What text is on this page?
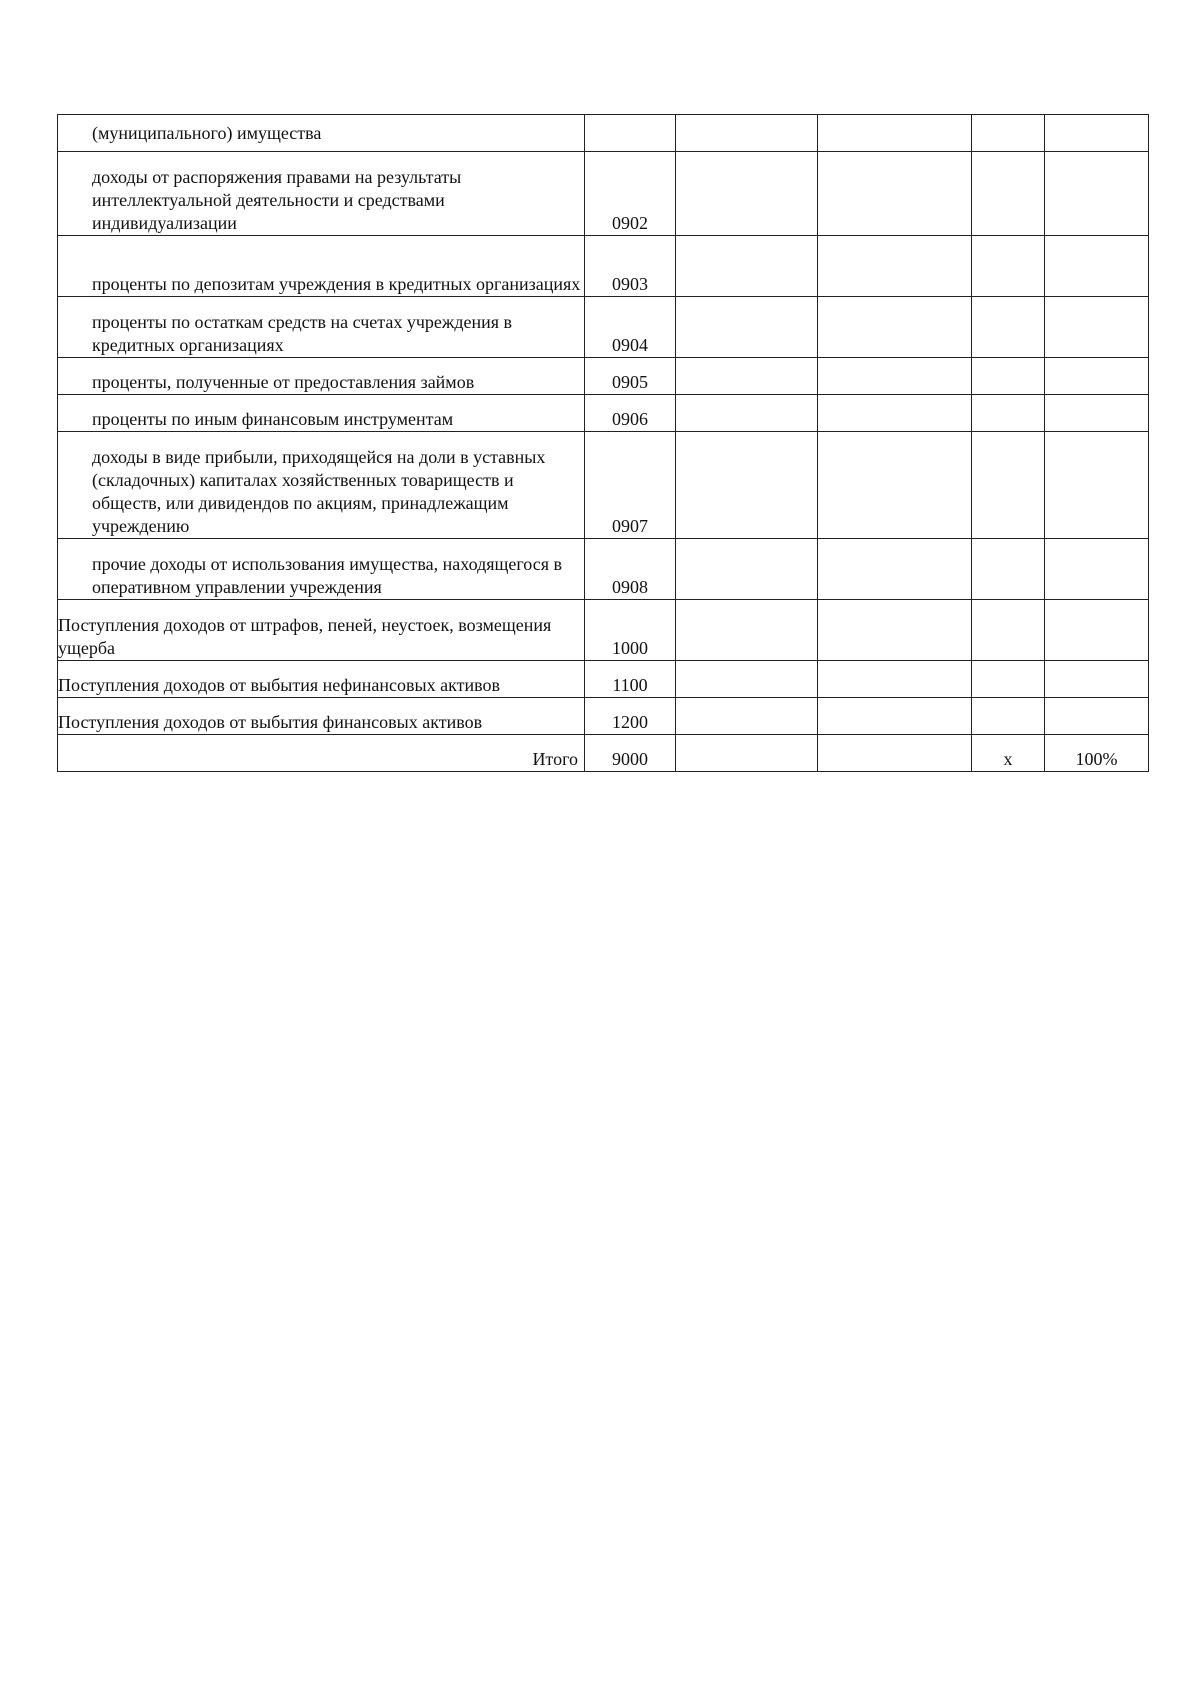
(муниципального) имущества					
доходы от распоряжения правами на результаты интеллектуальной деятельности и средствами индивидуализации	0902				
проценты по депозитам учреждения в кредитных организациях	0903				
проценты по остаткам средств на счетах учреждения в кредитных организациях	0904				
проценты, полученные от предоставления займов	0905				
проценты по иным финансовым инструментам	0906				
доходы в виде прибыли, приходящейся на доли в уставных (складочных) капиталах хозяйственных товариществ и обществ, или дивидендов по акциям, принадлежащим учреждению	0907				
прочие доходы от использования имущества, находящегося в оперативном управлении учреждения	0908				
Поступления доходов от штрафов, пеней, неустоек, возмещения ущерба	1000				
Поступления доходов от выбытия нефинансовых активов	1100				
Поступления доходов от выбытия финансовых активов	1200				
Итого	9000			x	100%
